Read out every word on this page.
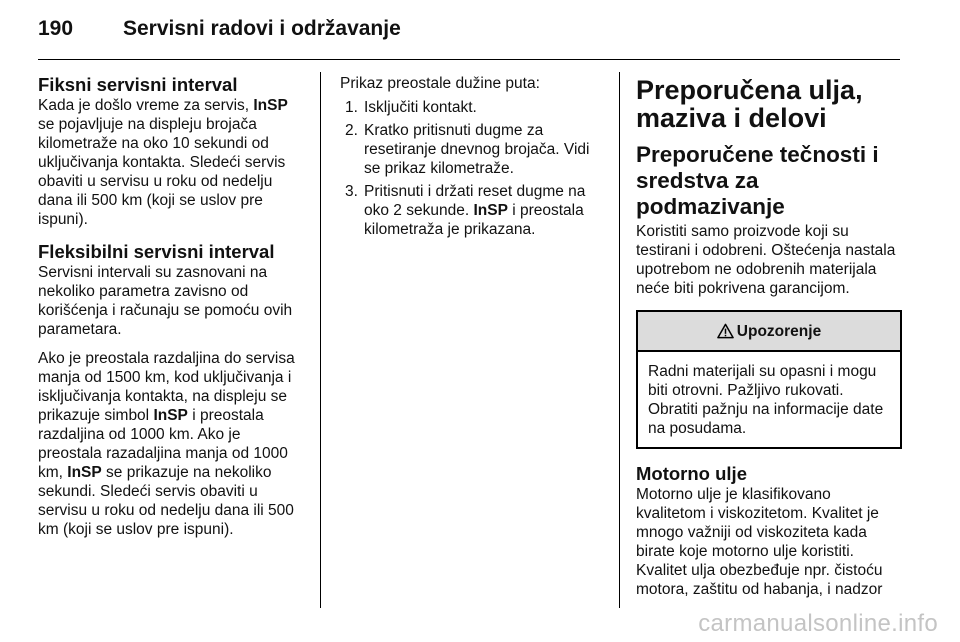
190 Servisni radovi i održavanje
Fiksni servisni interval

Kada je došlo vreme za servis, InSP
se pojavljuje na displeju brojača kilometraže na oko 10 sekundi od uključivanja kontakta. Sledeći servis obaviti u servisu u roku od nedelju dana ili 500 km (koji se uslov pre ispuni).

Fleksibilni servisni interval

Servisni intervali su zasnovani na nekoliko parametra zavisno od korišćenja i računaju se pomoću ovih parametara.

Ako je preostala razdaljina do servisa manja od 1500 km, kod uključivanja i isključivanja kontakta, na displeju se prikazuje simbol InSP i preostala razdaljina od 1000 km. Ako je preostala razadaljina manja od 1000 km, InSP se prikazuje na nekoliko sekundi. Sledeći servis obaviti u servisu u roku od nedelju dana ili 500 km (koji se uslov pre ispuni).

Prikaz preostale dužine puta:

1. Isključiti kontakt.
2. Kratko pritisnuti dugme za resetiranje dnevnog brojača. Vidi se prikaz kilometraže.
3. Pritisnuti i držati reset dugme na oko 2 sekunde. InSP i preostala kilometraža je prikazana.
Preporučena ulja, maziva i delovi
Preporučene tečnosti i sredstva za podmazivanje

Koristiti samo proizvode koji su testirani i odobreni. Oštećenja nastala upotrebom ne odobrenih materijala neće biti pokrivena garancijom.

Upozorenje
Radni materijali su opasni i mogu biti otrovni. Pažljivo rukovati. Obratiti pažnju na informacije date na posudama.
Motorno ulje

Motorno ulje je klasifikovano kvalitetom i viskozitetom. Kvalitet je mnogo važniji od viskoziteta kada birate koje motorno ulje koristiti. Kvalitet ulja obezbeđuje npr. čistoću motora, zaštitu od habanja, i nadzor

carmanualsonline.info
